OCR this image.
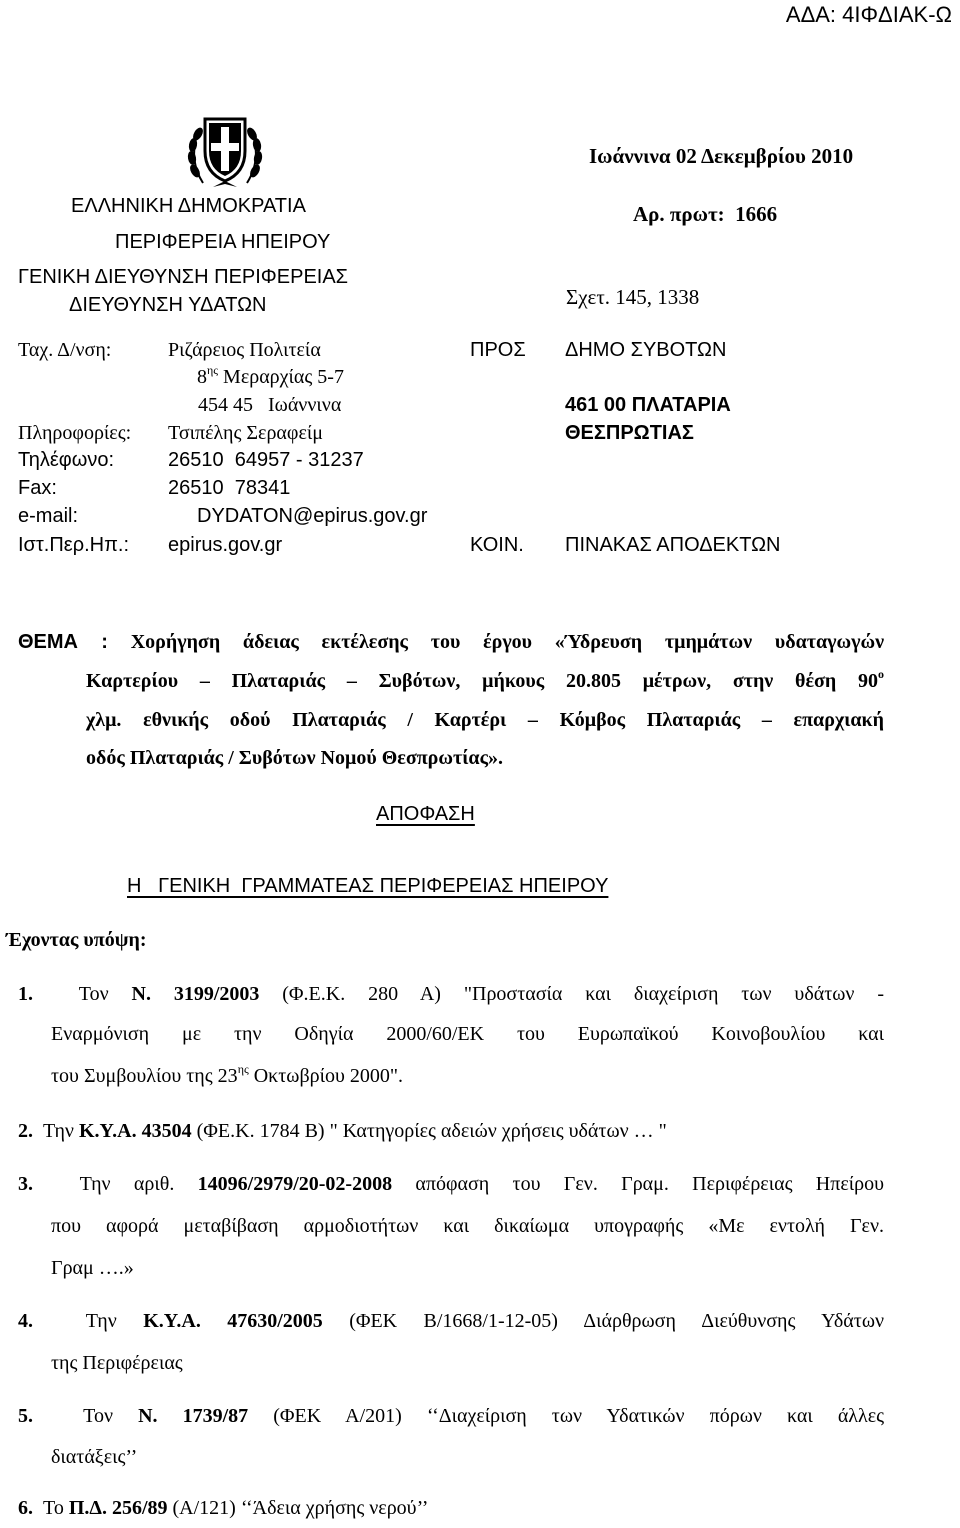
ΑΔΑ: 4ΙΦΔΙΑΚ-Ω
ΕΛΛΗΝΙΚΗ ΔΗΜΟΚΡΑΤΙΑ
ΠΕΡΙΦΕΡΕΙΑ ΗΠΕΙΡΟΥ
ΓΕΝΙΚΗ ΔΙΕΥΘΥΝΣΗ ΠΕΡΙΦΕΡΕΙΑΣ
ΔΙΕΥΘΥΝΣΗ ΥΔΑΤΩΝ
Ιωάννινα 02 Δεκεμβρίου 2010
Αρ. πρωτ: 1666
Σχετ. 145, 1338
Ταχ. Δ/νση:	Ριζάρειος Πολιτεία
$8^{\eta\varsigma}$ Μεραρχίας 5-7
454 45   Ιωάννινα
Πληροφορίες: Τσιπέλης Σεραφείμ
Τηλέφωνο:	26510  64957 - 31237
Fax:	26510  78341
e-mail:	DYDATON@epirus.gov.gr
Ιστ.Περ.Ηπ.: epirus.gov.gr
ΠΡΟΣ ΔΗΜΟ ΣΥΒΟΤΩΝ
461 00 ΠΛΑΤΑΡΙΑ
ΘΕΣΠΡΩΤΙΑΣ
ΚΟΙΝ. ΠΙΝΑΚΑΣ ΑΠΟΔΕΚΤΩΝ
ΘΕΜΑ : Χορήγηση άδειας εκτέλεσης του έργου «Ύδρευση τμημάτων υδαταγωγών
Καρτερίου – Πλαταριάς – Συβότων, μήκους 20.805 μέτρων, στην θέση $90^o$
χλμ. εθνικής οδού Πλαταριάς / Καρτέρι – Κόμβος Πλαταριάς – επαρχιακή
οδός Πλαταριάς / Συβότων Νομού Θεσπρωτίας».
ΑΠΟΦΑΣΗ
Η   ΓΕΝΙΚΗ  ΓΡΑΜΜΑΤΕΑΣ ΠΕΡΙΦΕΡΕΙΑΣ ΗΠΕΙΡΟΥ
Έχοντας υπόψη:
1. Τον Ν. 3199/2003 (Φ.Ε.Κ. 280 Α) "Προστασία και διαχείριση των υδάτων -
Εναρμόνιση με την Οδηγία 2000/60/ΕΚ του Ευρωπαϊκού Κοινοβουλίου και
του Συμβουλίου της $23^{\eta\varsigma}$ Οκτωβρίου 2000".
2. Την Κ.Υ.Α. 43504 (ΦΕ.Κ. 1784 Β) " Κατηγορίες αδειών χρήσεις υδάτων … "
3. Την αριθ. 14096/2979/20-02-2008 απόφαση του Γεν. Γραμ. Περιφέρειας Ηπείρου
που αφορά μεταβίβαση αρμοδιοτήτων και δικαίωμα υπογραφής «Με εντολή Γεν.
Γραμ ….»
4.	Την Κ.Υ.Α. 47630/2005 (ΦΕΚ Β/1668/1-12-05) Διάρθρωση Διεύθυνσης Υδάτων
της Περιφέρειας
5.	Τον Ν. 1739/87 (ΦΕΚ Α/201) ‘‘Διαχείριση των Υδατικών πόρων και άλλες
διατάξεις’’
6. Το Π.Δ. 256/89 (Α/121) ‘‘Άδεια χρήσης νερού’’
